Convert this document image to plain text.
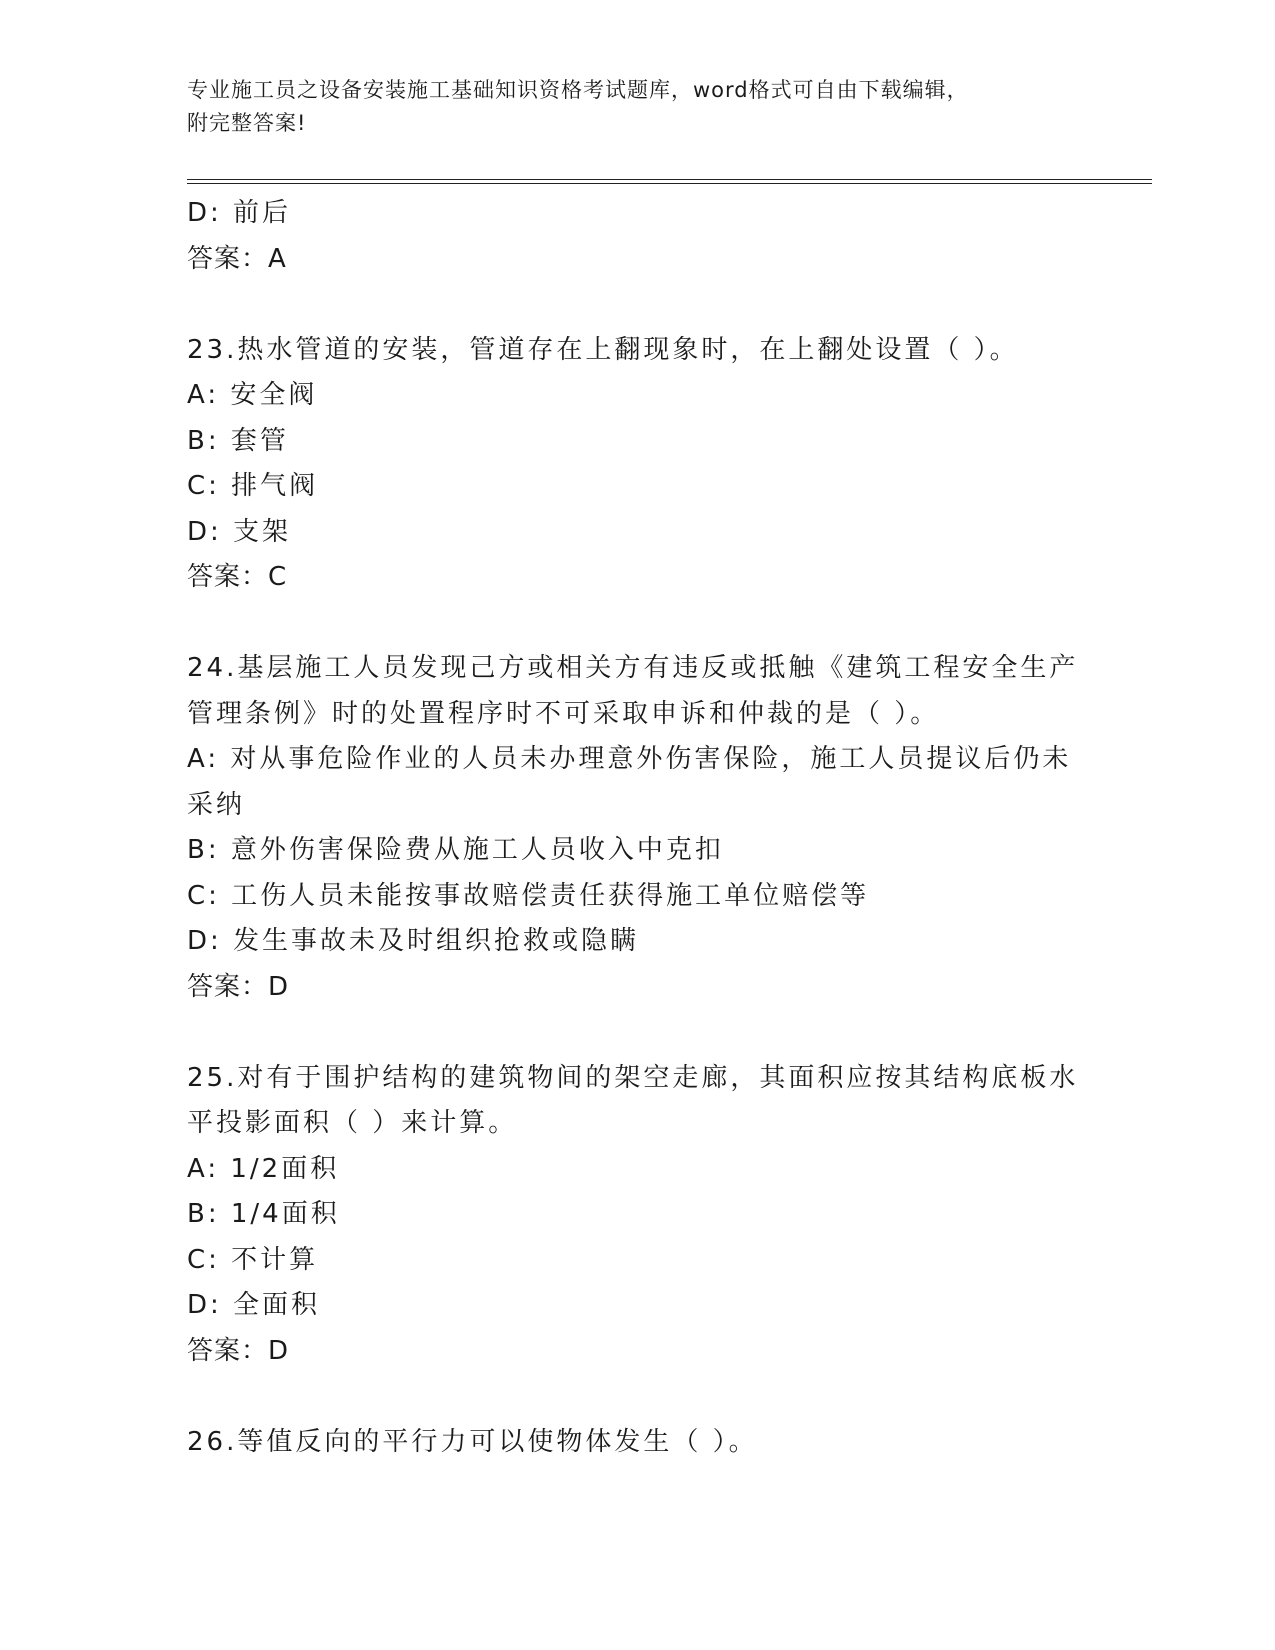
专业施工员之设备安装施工基础知识资格考试题库，word格式可自由下载编辑，
附完整答案!
D: 前后
答案：A
23.热水管道的安装，管道存在上翻现象时，在上翻处设置（ ）。
A: 安全阀
B: 套管
C: 排气阀
D: 支架
答案：C
24.基层施工人员发现己方或相关方有违反或抵触《建筑工程安全生产
管理条例》时的处置程序时不可采取申诉和仲裁的是（ ）。
A: 对从事危险作业的人员未办理意外伤害保险，施工人员提议后仍未
采纳
B: 意外伤害保险费从施工人员收入中克扣
C: 工伤人员未能按事故赔偿责任获得施工单位赔偿等
D: 发生事故未及时组织抢救或隐瞒
答案：D
25.对有于围护结构的建筑物间的架空走廊，其面积应按其结构底板水
平投影面积（ ）来计算。
A: 1/2面积
B: 1/4面积
C: 不计算
D: 全面积
答案：D
26.等值反向的平行力可以使物体发生（ ）。
